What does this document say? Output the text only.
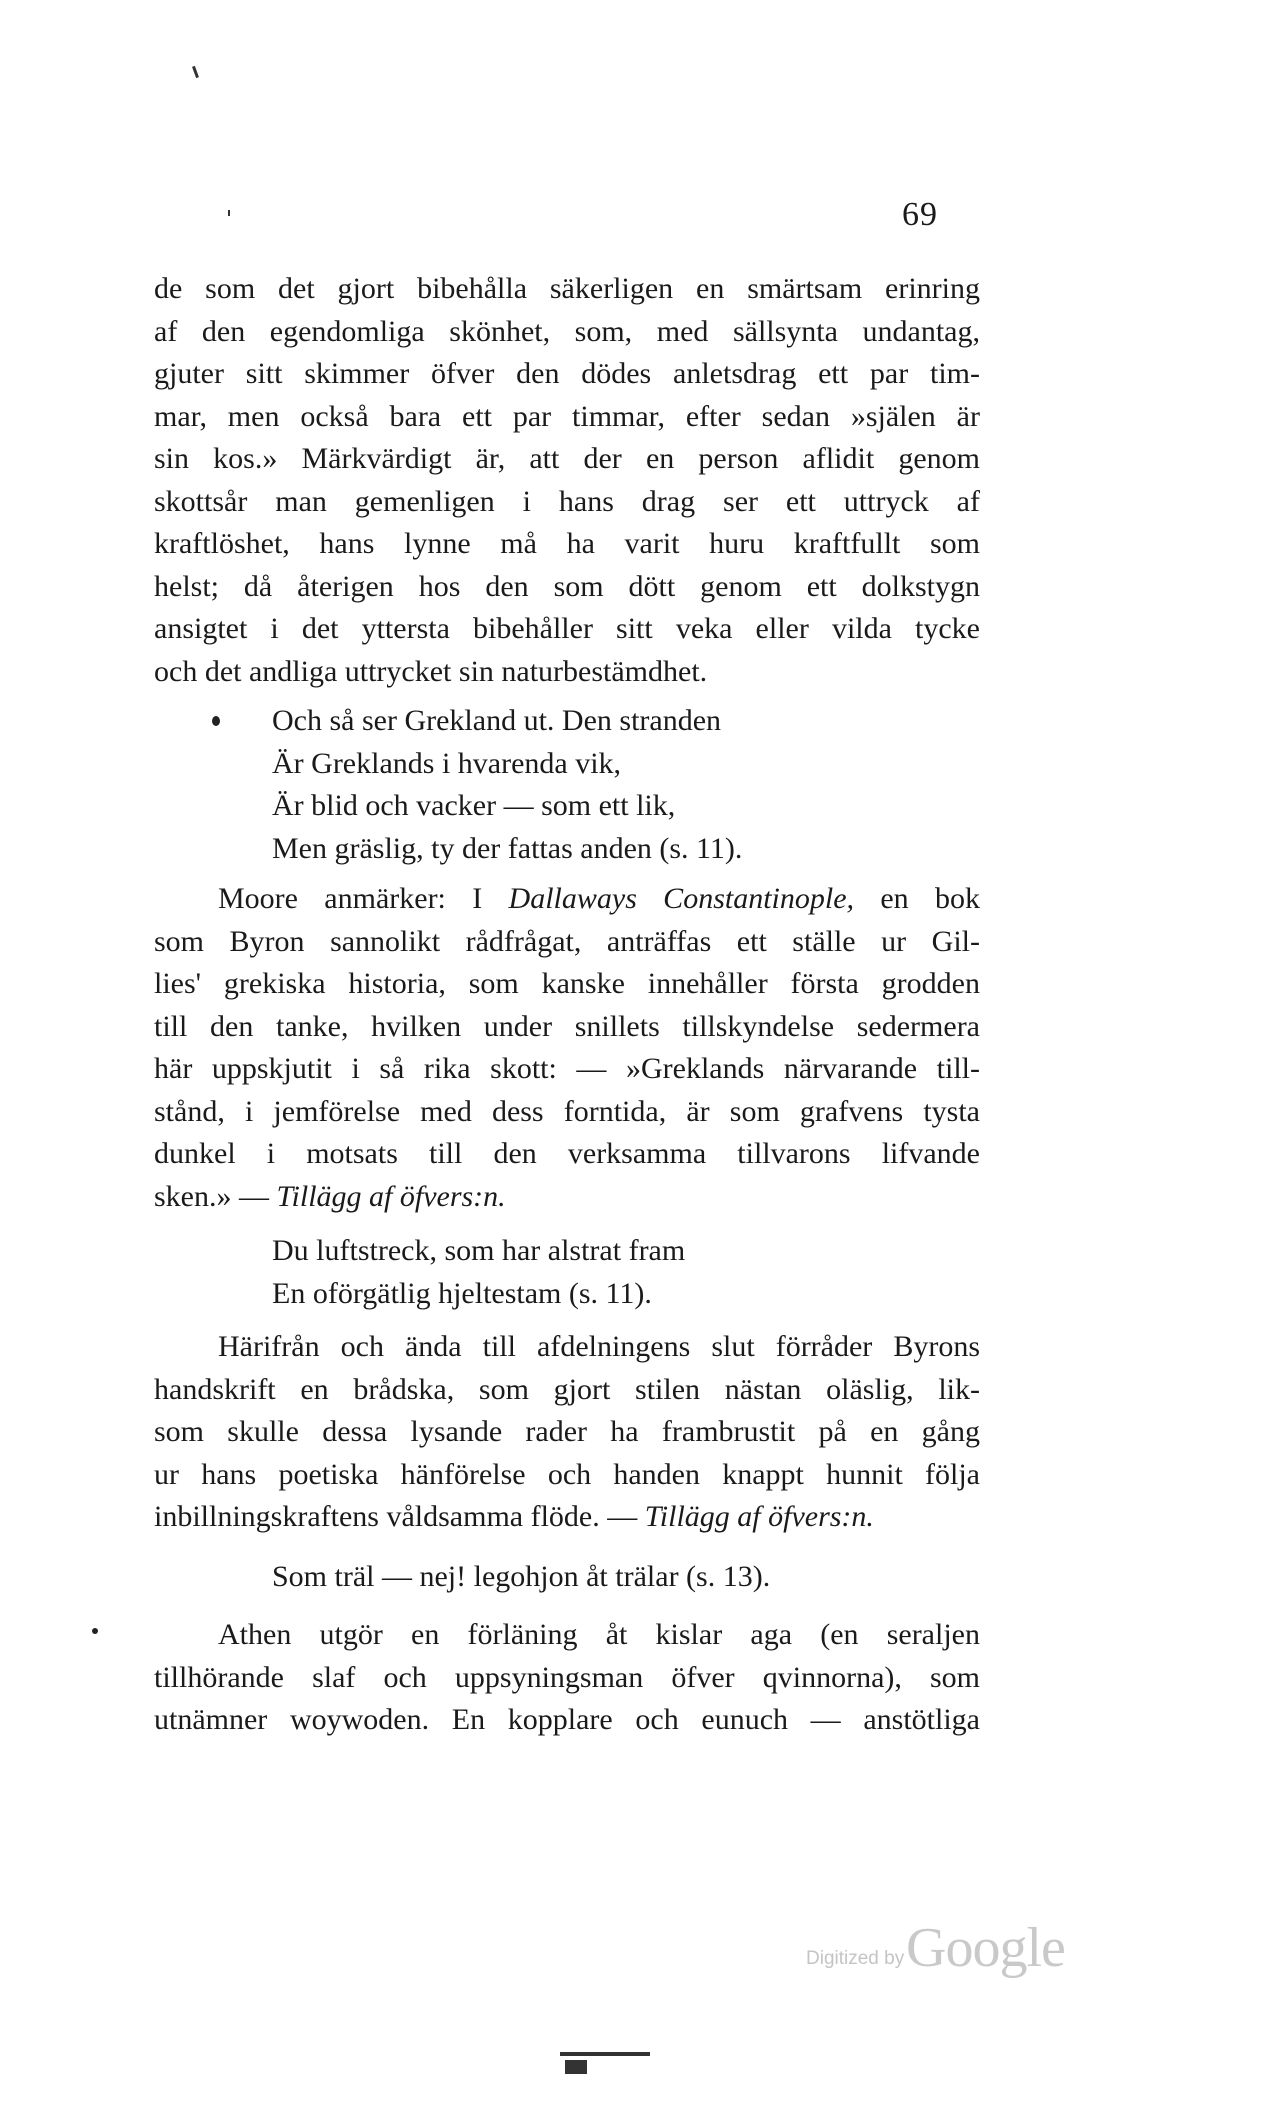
69
de som det gjort bibehålla säkerligen en smärtsam erinring
af den egendomliga skönhet, som, med sällsynta undantag,
gjuter sitt skimmer öfver den dödes anletsdrag ett par tim-
mar, men också bara ett par timmar, efter sedan »själen är
sin kos.» Märkvärdigt är, att der en person aflidit genom
skottsår man gemenligen i hans drag ser ett uttryck af
kraftlöshet, hans lynne må ha varit huru kraftfullt som
helst; då återigen hos den som dött genom ett dolkstygn
ansigtet i det yttersta bibehåller sitt veka eller vilda tycke
och det andliga uttrycket sin naturbestämdhet.
Och så ser Grekland ut. Den stranden
Är Greklands i hvarenda vik,
Är blid och vacker — som ett lik,
Men gräslig, ty der fattas anden (s. 11).
Moore anmärker: I Dallaways Constantinople, en bok
som Byron sannolikt rådfrågat, anträffas ett ställe ur Gil-
lies' grekiska historia, som kanske innehåller första grodden
till den tanke, hvilken under snillets tillskyndelse sedermera
här uppskjutit i så rika skott: — »Greklands närvarande till-
stånd, i jemförelse med dess forntida, är som grafvens tysta
dunkel i motsats till den verksamma tillvarons lifvande
sken.» — Tillägg af öfvers:n.
Du luftstreck, som har alstrat fram
En oförgätlig hjeltestam (s. 11).
Härifrån och ända till afdelningens slut förråder Byrons
handskrift en brådska, som gjort stilen nästan oläslig, lik-
som skulle dessa lysande rader ha frambrustit på en gång
ur hans poetiska hänförelse och handen knappt hunnit följa
inbillningskraftens våldsamma flöde. — Tillägg af öfvers:n.
Som träl — nej! legohjon åt trälar (s. 13).
Athen utgör en förläning åt kislar aga (en seraljen
tillhörande slaf och uppsyningsman öfver qvinnorna), som
utnämner woywoden. En kopplare och eunuch — anstötliga
Digitized by Google
